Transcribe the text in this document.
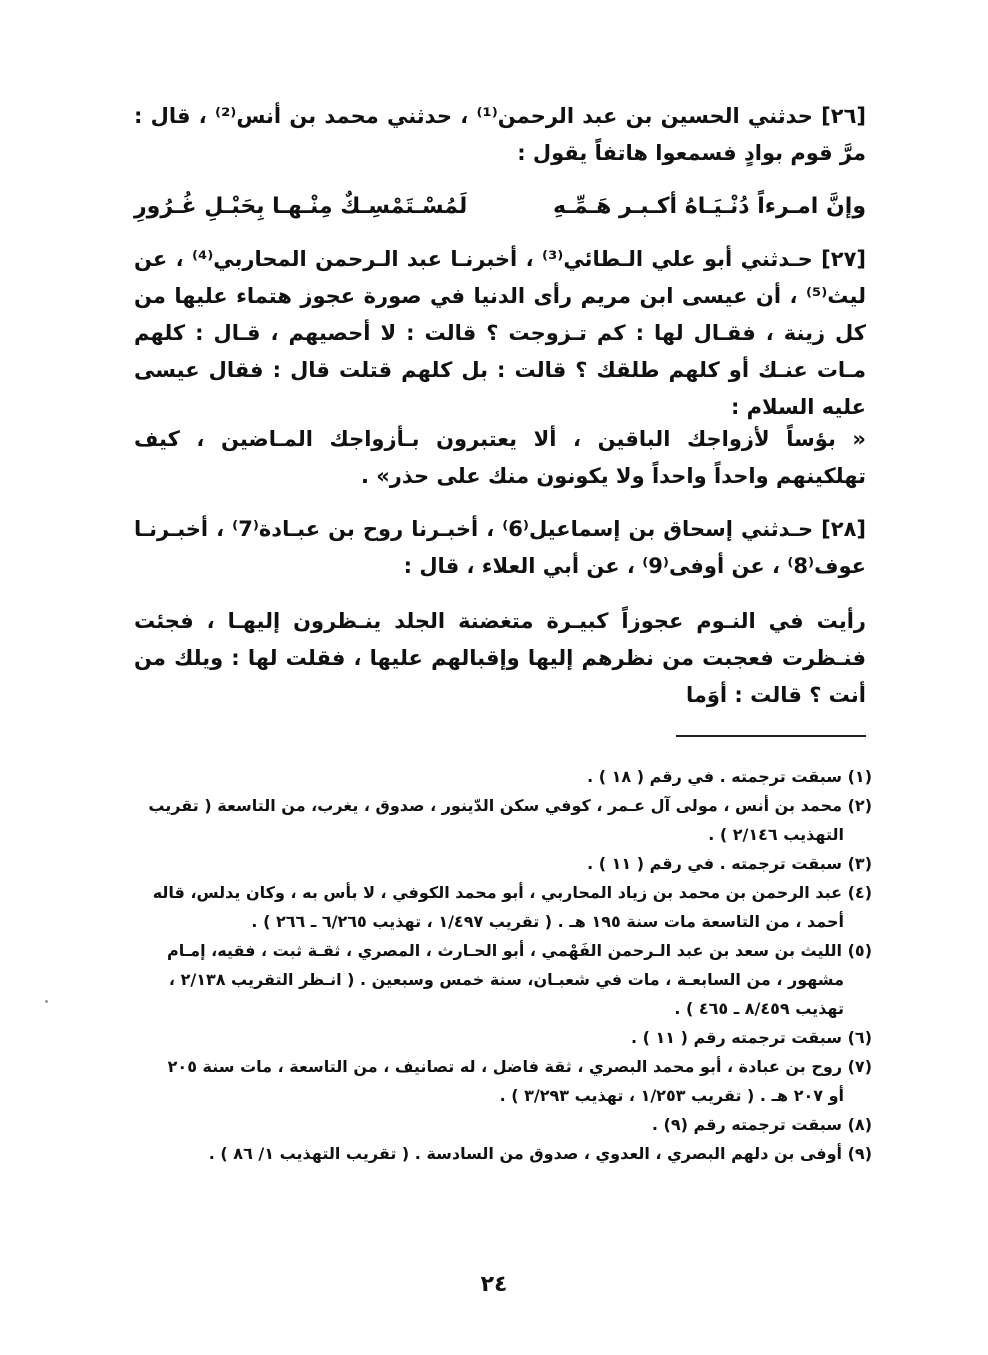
[٢٦] حدثني الحسين بن عبد الرحمن⁽¹⁾ ، حدثني محمد بن أنس⁽²⁾ ، قال :

مرَّ قوم بوادٍ فسمعوا هاتفاً يقول :

وإنَّ امـرءاً دُنْـيَـاهُ أكـبـر هَـمِّـهِ
لَمُسْـتَمْسِـكٌ مِنْـهـا بِحَبْـلِ غُـرُورِ

[٢٧] حـدثني أبو علي الـطائي⁽³⁾ ، أخبرنـا عبد الـرحمن المحاربي⁽⁴⁾ ، عن ليث⁽⁵⁾ ، أن عيسى ابن مريم رأى الدنيا في صورة عجوز هتماء عليها من كل زينة ، فقـال لها : كم تـزوجت ؟ قالت : لا أحصيهم ، قـال : كلهم مـات عنـك أو كلهم طلقك ؟ قالت : بل كلهم قتلت قال : فقال عيسى عليه السلام :

« بؤساً لأزواجك الباقين ، ألا يعتبرون بـأزواجك المـاضين ، كيف تهلكينهم واحداً واحداً ولا يكونون منك على حذر» .

[٢٨] حـدثني إسحاق بن إسماعيل⁽6⁾ ، أخبـرنا روح بن عبـادة⁽7⁾ ، أخبـرنـا عوف⁽8⁾ ، عن أوفى⁽9⁾ ، عن أبي العلاء ، قال :

رأيت في النـوم عجوزاً كبيـرة متغضنة الجلد ينـظرون إليهـا ، فجئت فنـظرت فعجبت من نظرهم إليها وإقبالهم عليها ، فقلت لها : ويلك من أنت ؟ قالت : أوَما

(١) سبقت ترجمته . في رقم ( ١٨ ) .

(٢) محمد بن أنس ، مولى آل عـمر ، كوفي سكن الدّينور ، صدوق ، يغرب، من التاسعة ( تقريب
التهذيب ٢/١٤٦ ) .

(٣) سبقت ترجمته . في رقم ( ١١ ) .

(٤) عبد الرحمن بن محمد بن زياد المحاربي ، أبو محمد الكوفي ، لا بأس به ، وكان يدلس، قاله
أحمد ، من التاسعة مات سنة ١٩٥ هـ . ( تقريب ١/٤٩٧ ، تهذيب ٦/٢٦٥ ـ ٢٦٦ ) .

(٥) الليث بن سعد بن عبد الـرحمن الفَهْمي ، أبو الحـارث ، المصري ، ثقـة ثبت ، فقيه، إمـام
مشهور ، من السابعـة ، مات في شعبـان، سنة خمس وسبعين . ( انـظر التقريب ٢/١٣٨ ،
تهذيب ٨/٤٥٩ ـ ٤٦٥ ) .

(٦) سبقت ترجمته رقم ( ١١ ) .

(٧) روح بن عبادة ، أبو محمد البصري ، ثقة فاضل ، له تصانيف ، من التاسعة ، مات سنة ٢٠٥
أو ٢٠٧ هـ . ( تقريب ١/٢٥٣ ، تهذيب ٣/٢٩٣ ) .

(٨) سبقت ترجمته رقم (٩) .

(٩) أوفى بن دلهم البصري ، العدوي ، صدوق من السادسة . ( تقريب التهذيب ١/ ٨٦ ) .

٢٤
